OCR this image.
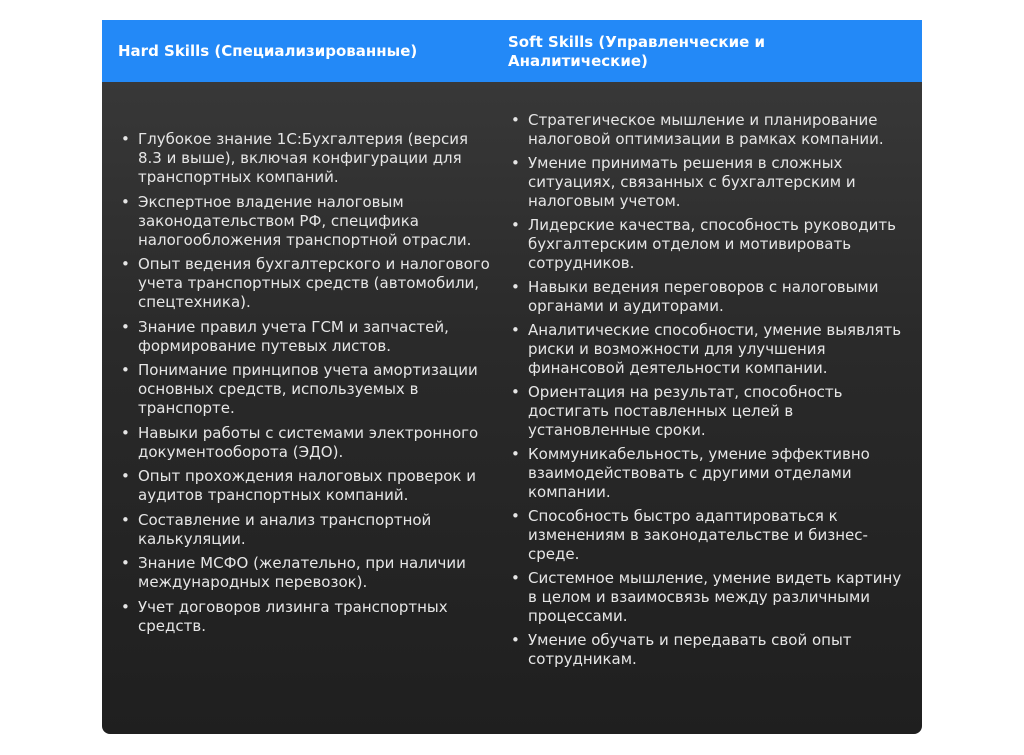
Hard Skills (Специализированные)	Soft Skills (Управленческие и Аналитические)
• Глубокое знание 1С:Бухгалтерия (версия 8.3 и выше), включая конфигурации для транспортных компаний.
• Экспертное владение налоговым законодательством РФ, специфика налогообложения транспортной отрасли.
• Опыт ведения бухгалтерского и налогового учета транспортных средств (автомобили, спецтехника).
• Знание правил учета ГСМ и запчастей, формирование путевых листов.
• Понимание принципов учета амортизации основных средств, используемых в транспорте.
• Навыки работы с системами электронного документооборота (ЭДО).
• Опыт прохождения налоговых проверок и аудитов транспортных компаний.
• Составление и анализ транспортной калькуляции.
• Знание МСФО (желательно, при наличии международных перевозок).
• Учет договоров лизинга транспортных средств.
• Стратегическое мышление и планирование налоговой оптимизации в рамках компании.
• Умение принимать решения в сложных ситуациях, связанных с бухгалтерским и налоговым учетом.
• Лидерские качества, способность руководить бухгалтерским отделом и мотивировать сотрудников.
• Навыки ведения переговоров с налоговыми органами и аудиторами.
• Аналитические способности, умение выявлять риски и возможности для улучшения финансовой деятельности компании.
• Ориентация на результат, способность достигать поставленных целей в установленные сроки.
• Коммуникабельность, умение эффективно взаимодействовать с другими отделами компании.
• Способность быстро адаптироваться к изменениям в законодательстве и бизнес-среде.
• Системное мышление, умение видеть картину в целом и взаимосвязь между различными процессами.
• Умение обучать и передавать свой опыт сотрудникам.
